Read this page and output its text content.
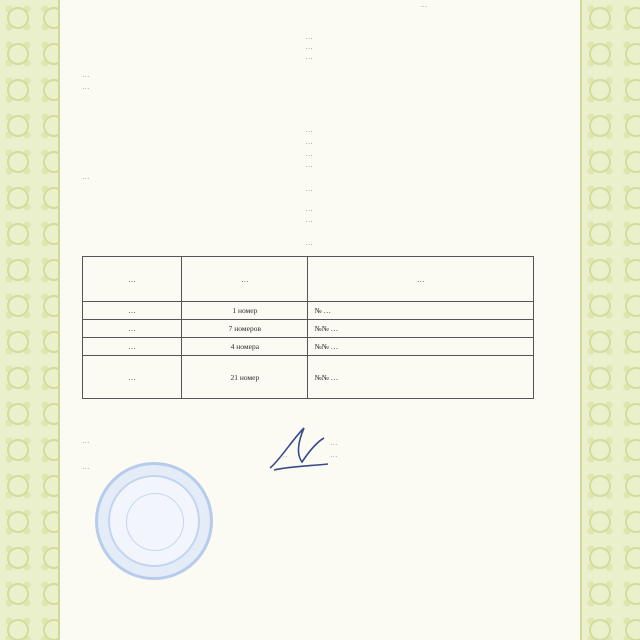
…
…
…
…
…
…
…
…
…
…
…
…
…
…
…
…	…	…
…	1 номер	№ …
…	7 номеров	№№ …
…	4 номера	№№ …
…	21 номер	№№ …
…	…
…	…
…
